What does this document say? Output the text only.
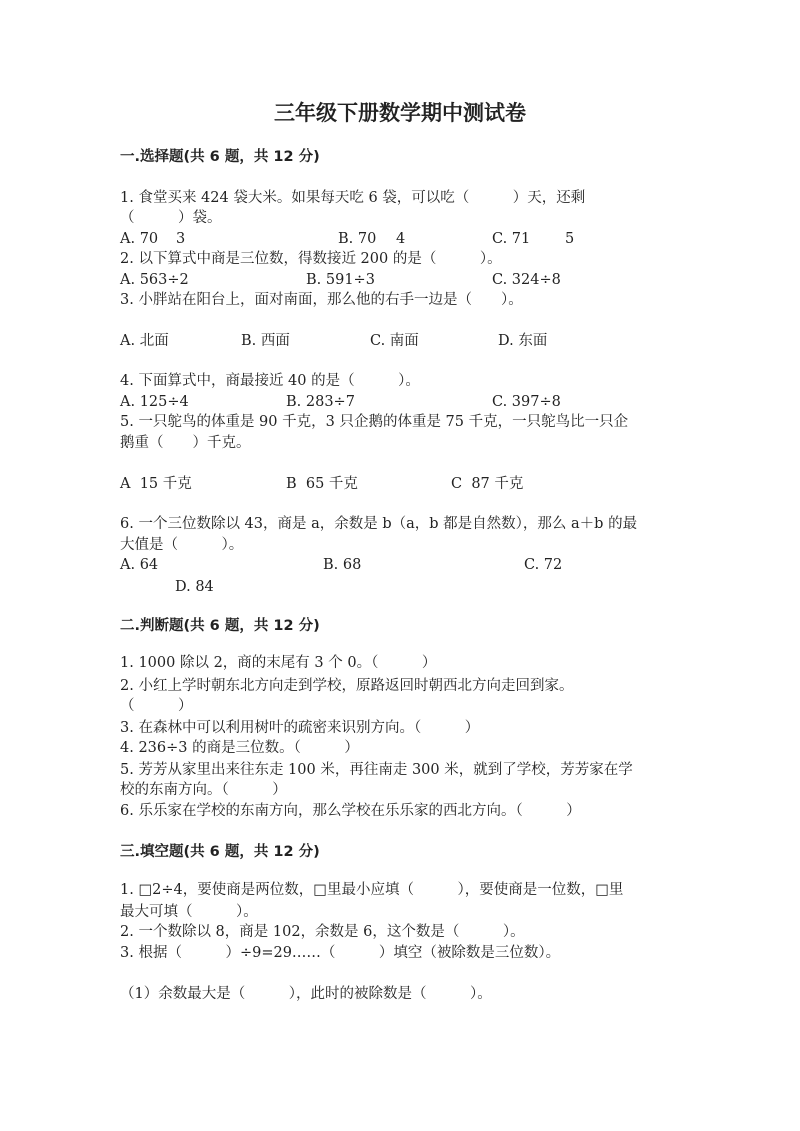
三年级下册数学期中测试卷
一.选择题(共 6 题，共 12 分)
1. 食堂买来 424 袋大米。如果每天吃 6 袋，可以吃（　　　）天，还剩
（　　　）袋。
A. 70 3	B. 70 4	C. 71 5
2. 以下算式中商是三位数，得数接近 200 的是（　　　）。
A. 563÷2	B. 591÷3	C. 324÷8
3. 小胖站在阳台上，面对南面，那么他的右手一边是（　　）。
A. 北面	B. 西面	C. 南面	D. 东面
4. 下面算式中，商最接近 40 的是（　　　）。
A. 125÷4	B. 283÷7	C. 397÷8
5. 一只鸵鸟的体重是 90 千克，3 只企鹅的体重是 75 千克，一只鸵鸟比一只企
鹅重（　　）千克。
A  15 千克	B  65 千克	C  87 千克
6. 一个三位数除以 43，商是 a，余数是 b（a，b 都是自然数），那么 a＋b 的最
大值是（　　　）。
A. 64	B. 68	C. 72
D. 84
二.判断题(共 6 题，共 12 分)
1. 1000 除以 2，商的末尾有 3 个 0。（　　　）
2. 小红上学时朝东北方向走到学校，原路返回时朝西北方向走回到家。
（　　　）
3. 在森林中可以利用树叶的疏密来识别方向。（　　　）
4. 236÷3 的商是三位数。（　　　）
5. 芳芳从家里出来往东走 100 米，再往南走 300 米，就到了学校，芳芳家在学
校的东南方向。（　　　）
6. 乐乐家在学校的东南方向，那么学校在乐乐家的西北方向。（　　　）
三.填空题(共 6 题，共 12 分)
1. □2÷4，要使商是两位数，□里最小应填（　　　），要使商是一位数，□里
最大可填（　　　）。
2. 一个数除以 8，商是 102，余数是 6，这个数是（　　　）。
3. 根据（　　　）÷9=29……（　　　）填空（被除数是三位数）。
（1）余数最大是（　　　），此时的被除数是（　　　）。
